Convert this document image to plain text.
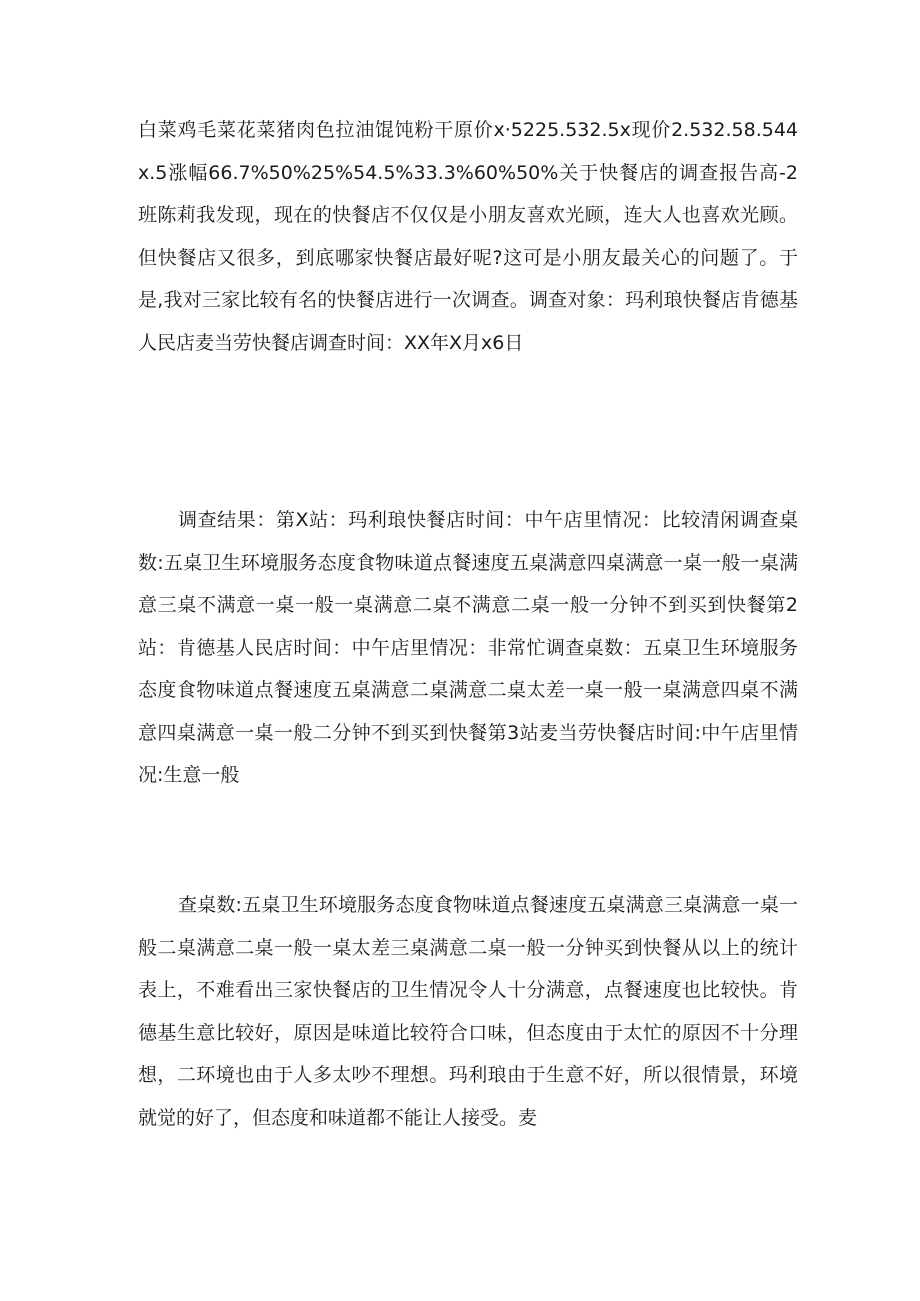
白菜鸡毛菜花菜猪肉色拉油馄饨粉干原价x·5225.532.5x现价2.532.58.544x.5涨幅66.7%50%25%54.5%33.3%60%50%关于快餐店的调查报告高-2班陈莉我发现，现在的快餐店不仅仅是小朋友喜欢光顾，连大人也喜欢光顾。但快餐店又很多，到底哪家快餐店最好呢?这可是小朋友最关心的问题了。于是,我对三家比较有名的快餐店进行一次调查。调查对象：玛利琅快餐店肯德基人民店麦当劳快餐店调查时间：XX年X月x6日

调查结果：第X站：玛利琅快餐店时间：中午店里情况：比较清闲调查桌数:五桌卫生环境服务态度食物味道点餐速度五桌满意四桌满意一桌一般一桌满意三桌不满意一桌一般一桌满意二桌不满意二桌一般一分钟不到买到快餐第2站：肯德基人民店时间：中午店里情况：非常忙调查桌数：五桌卫生环境服务态度食物味道点餐速度五桌满意二桌满意二桌太差一桌一般一桌满意四桌不满意四桌满意一桌一般二分钟不到买到快餐第3站麦当劳快餐店时间:中午店里情况:生意一般

查桌数:五桌卫生环境服务态度食物味道点餐速度五桌满意三桌满意一桌一般二桌满意二桌一般一桌太差三桌满意二桌一般一分钟买到快餐从以上的统计表上，不难看出三家快餐店的卫生情况令人十分满意，点餐速度也比较快。肯德基生意比较好，原因是味道比较符合口味，但态度由于太忙的原因不十分理想，二环境也由于人多太吵不理想。玛利琅由于生意不好，所以很情景，环境就觉的好了，但态度和味道都不能让人接受。麦
